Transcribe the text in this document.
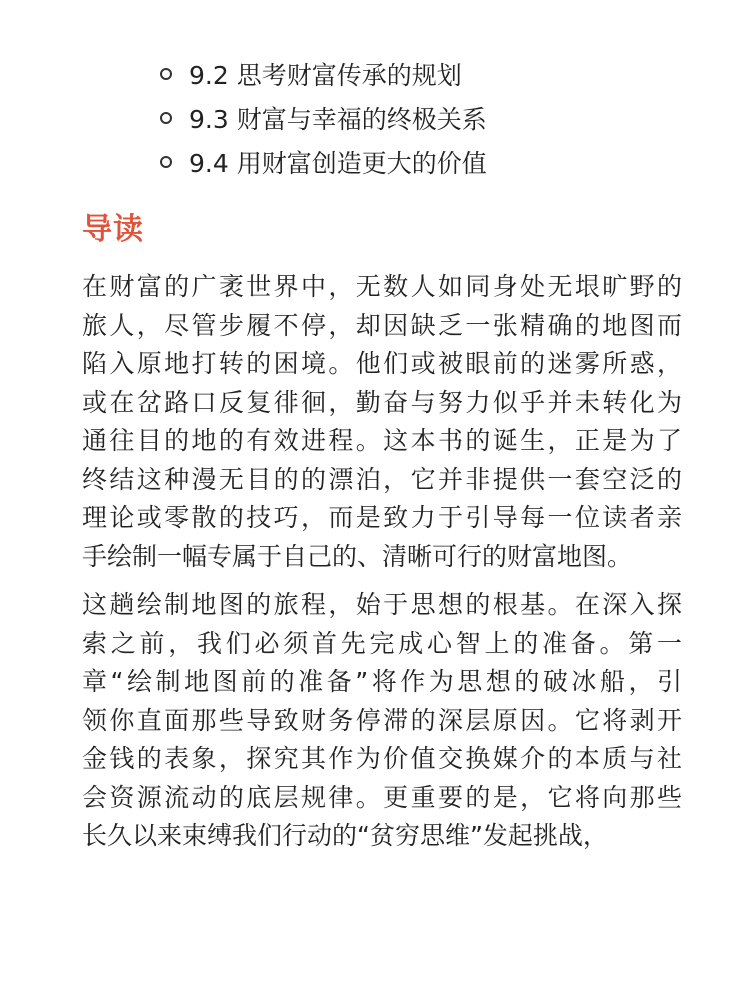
9.2 思考财富传承的规划
9.3 财富与幸福的终极关系
9.4 用财富创造更大的价值
导读

在财富的广袤世界中，无数人如同身处无垠旷野的
旅人，尽管步履不停，却因缺乏一张精确的地图而
陷入原地打转的困境。他们或被眼前的迷雾所惑，
或在岔路口反复徘徊，勤奋与努力似乎并未转化为
通往目的地的有效进程。这本书的诞生，正是为了
终结这种漫无目的的漂泊，它并非提供一套空泛的
理论或零散的技巧，而是致力于引导每一位读者亲
手绘制一幅专属于自己的、清晰可行的财富地图。

这趟绘制地图的旅程，始于思想的根基。在深入探
索之前，我们必须首先完成心智上的准备。第一
章“绘制地图前的准备”将作为思想的破冰船，引
领你直面那些导致财务停滞的深层原因。它将剥开
金钱的表象，探究其作为价值交换媒介的本质与社
会资源流动的底层规律。更重要的是，它将向那些
长久以来束缚我们行动的“贫穷思维”发起挑战，
